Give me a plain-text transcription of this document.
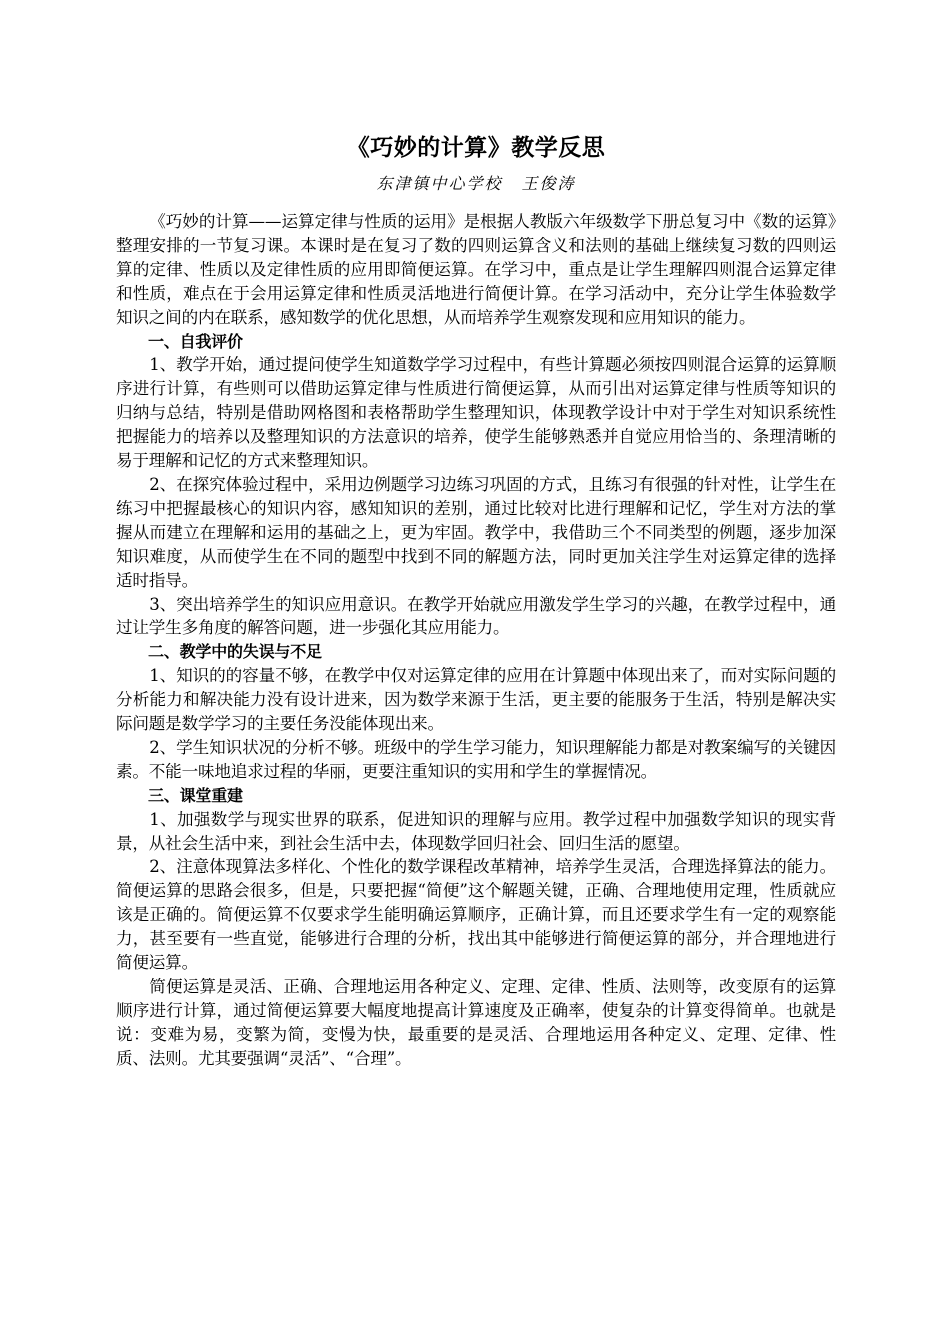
《巧妙的计算》教学反思
东津镇中心学校 王俊涛

《巧妙的计算——运算定律与性质的运用》是根据人教版六年级数学下册总复习中《数的运算》整理安排的一节复习课。本课时是在复习了数的四则运算含义和法则的基础上继续复习数的四则运算的定律、性质以及定律性质的应用即简便运算。在学习中，重点是让学生理解四则混合运算定律和性质，难点在于会用运算定律和性质灵活地进行简便计算。在学习活动中，充分让学生体验数学知识之间的内在联系，感知数学的优化思想，从而培养学生观察发现和应用知识的能力。

一、自我评价

1、教学开始，通过提问使学生知道数学学习过程中，有些计算题必须按四则混合运算的运算顺序进行计算，有些则可以借助运算定律与性质进行简便运算，从而引出对运算定律与性质等知识的归纳与总结，特别是借助网格图和表格帮助学生整理知识，体现教学设计中对于学生对知识系统性把握能力的培养以及整理知识的方法意识的培养，使学生能够熟悉并自觉应用恰当的、条理清晰的易于理解和记忆的方式来整理知识。

2、在探究体验过程中，采用边例题学习边练习巩固的方式，且练习有很强的针对性，让学生在练习中把握最核心的知识内容，感知知识的差别，通过比较对比进行理解和记忆，学生对方法的掌握从而建立在理解和运用的基础之上，更为牢固。教学中，我借助三个不同类型的例题，逐步加深知识难度，从而使学生在不同的题型中找到不同的解题方法，同时更加关注学生对运算定律的选择适时指导。

3、突出培养学生的知识应用意识。在教学开始就应用激发学生学习的兴趣，在教学过程中，通过让学生多角度的解答问题，进一步强化其应用能力。

二、教学中的失误与不足

1、知识的的容量不够，在教学中仅对运算定律的应用在计算题中体现出来了，而对实际问题的分析能力和解决能力没有设计进来，因为数学来源于生活，更主要的能服务于生活，特别是解决实际问题是数学学习的主要任务没能体现出来。

2、学生知识状况的分析不够。班级中的学生学习能力，知识理解能力都是对教案编写的关键因素。不能一味地追求过程的华丽，更要注重知识的实用和学生的掌握情况。

三、课堂重建

1、加强数学与现实世界的联系，促进知识的理解与应用。教学过程中加强数学知识的现实背景，从社会生活中来，到社会生活中去，体现数学回归社会、回归生活的愿望。

2、注意体现算法多样化、个性化的数学课程改革精神，培养学生灵活，合理选择算法的能力。简便运算的思路会很多，但是，只要把握“简便”这个解题关键，正确、合理地使用定理，性质就应该是正确的。简便运算不仅要求学生能明确运算顺序，正确计算，而且还要求学生有一定的观察能力，甚至要有一些直觉，能够进行合理的分析，找出其中能够进行简便运算的部分，并合理地进行简便运算。

简便运算是灵活、正确、合理地运用各种定义、定理、定律、性质、法则等，改变原有的运算顺序进行计算，通过简便运算要大幅度地提高计算速度及正确率，使复杂的计算变得简单。也就是说：变难为易，变繁为简，变慢为快，最重要的是灵活、合理地运用各种定义、定理、定律、性质、法则。尤其要强调“灵活”、“合理”。
